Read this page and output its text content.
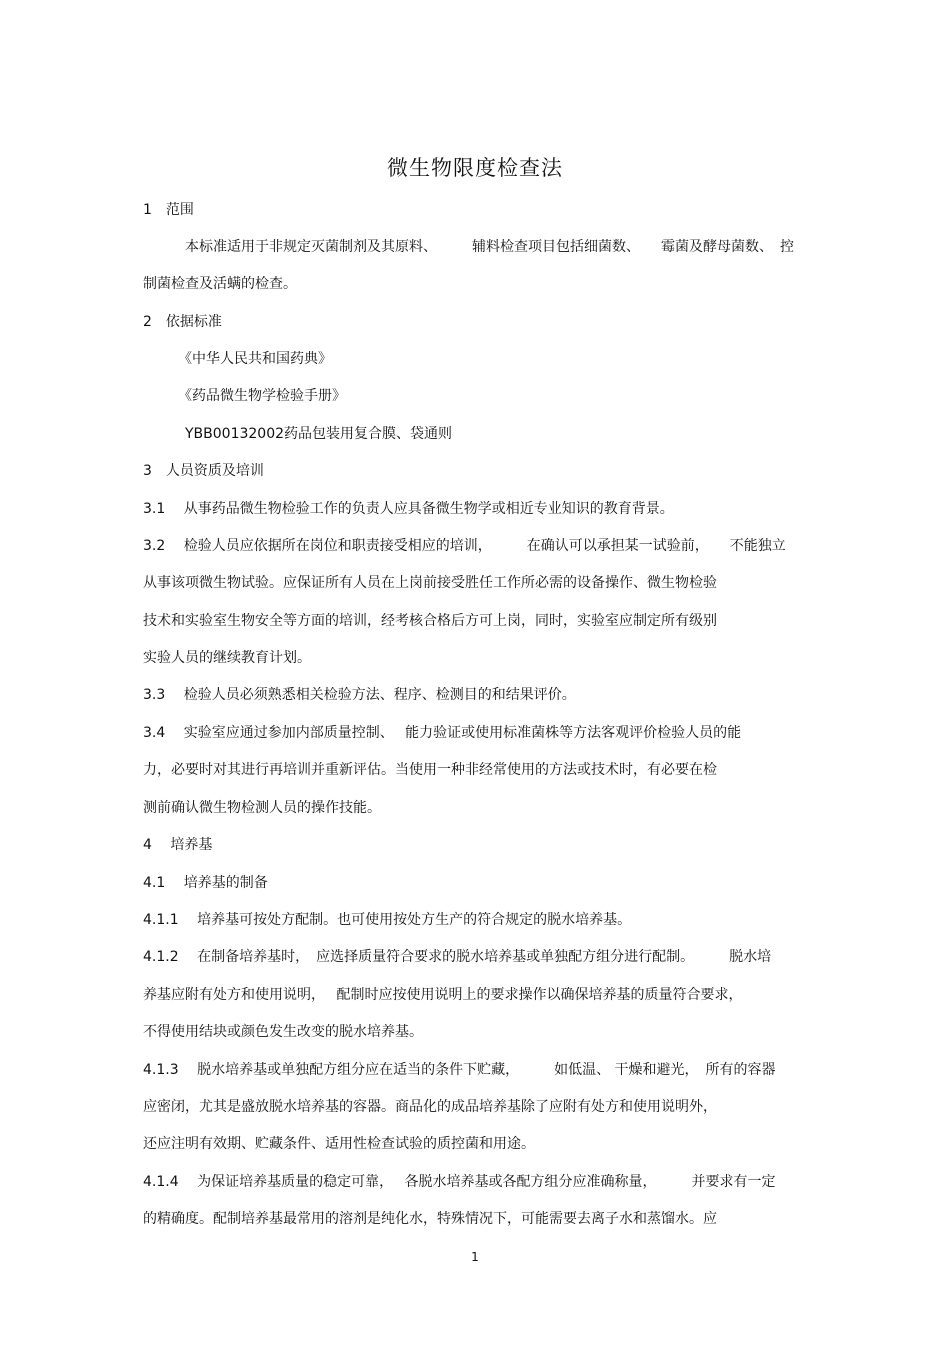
微生物限度检查法
1　范围
　　　本标准适用于非规定灭菌制剂及其原料、　　　辅料检查项目包括细菌数、　　霉菌及酵母菌数、　控
制菌检查及活螨的检查。
2　依据标准
　　　《中华人民共和国药典》
　　　《药品微生物学检验手册》
　　　YBB00132002药品包装用复合膜、袋通则
3　人员资质及培训
3.1　 从事药品微生物检验工作的负责人应具备微生物学或相近专业知识的教育背景。
3.2　 检验人员应依据所在岗位和职责接受相应的培训，　　　在确认可以承担某一试验前，　　不能独立
从事该项微生物试验。应保证所有人员在上岗前接受胜任工作所必需的设备操作、微生物检验
技术和实验室生物安全等方面的培训，经考核合格后方可上岗，同时，实验室应制定所有级别
实验人员的继续教育计划。
3.3　 检验人员必须熟悉相关检验方法、程序、检测目的和结果评价。
3.4　 实验室应通过参加内部质量控制、　 能力验证或使用标准菌株等方法客观评价检验人员的能
力，必要时对其进行再培训并重新评估。当使用一种非经常使用的方法或技术时，有必要在检
测前确认微生物检测人员的操作技能。
4　 培养基
4.1　 培养基的制备
4.1.1　 培养基可按处方配制。也可使用按处方生产的符合规定的脱水培养基。
4.1.2　 在制备培养基时，　应选择质量符合要求的脱水培养基或单独配方组分进行配制。　　　脱水培
养基应附有处方和使用说明，　 配制时应按使用说明上的要求操作以确保培养基的质量符合要求，
不得使用结块或颜色发生改变的脱水培养基。
4.1.3　 脱水培养基或单独配方组分应在适当的条件下贮藏，　　　如低温、 干燥和避光，　所有的容器
应密闭，尤其是盛放脱水培养基的容器。商品化的成品培养基除了应附有处方和使用说明外，
还应注明有效期、贮藏条件、适用性检查试验的质控菌和用途。
4.1.4　 为保证培养基质量的稳定可靠，　 各脱水培养基或各配方组分应准确称量，　　　并要求有一定
的精确度。配制培养基最常用的溶剂是纯化水，特殊情况下，可能需要去离子水和蒸馏水。应
1
